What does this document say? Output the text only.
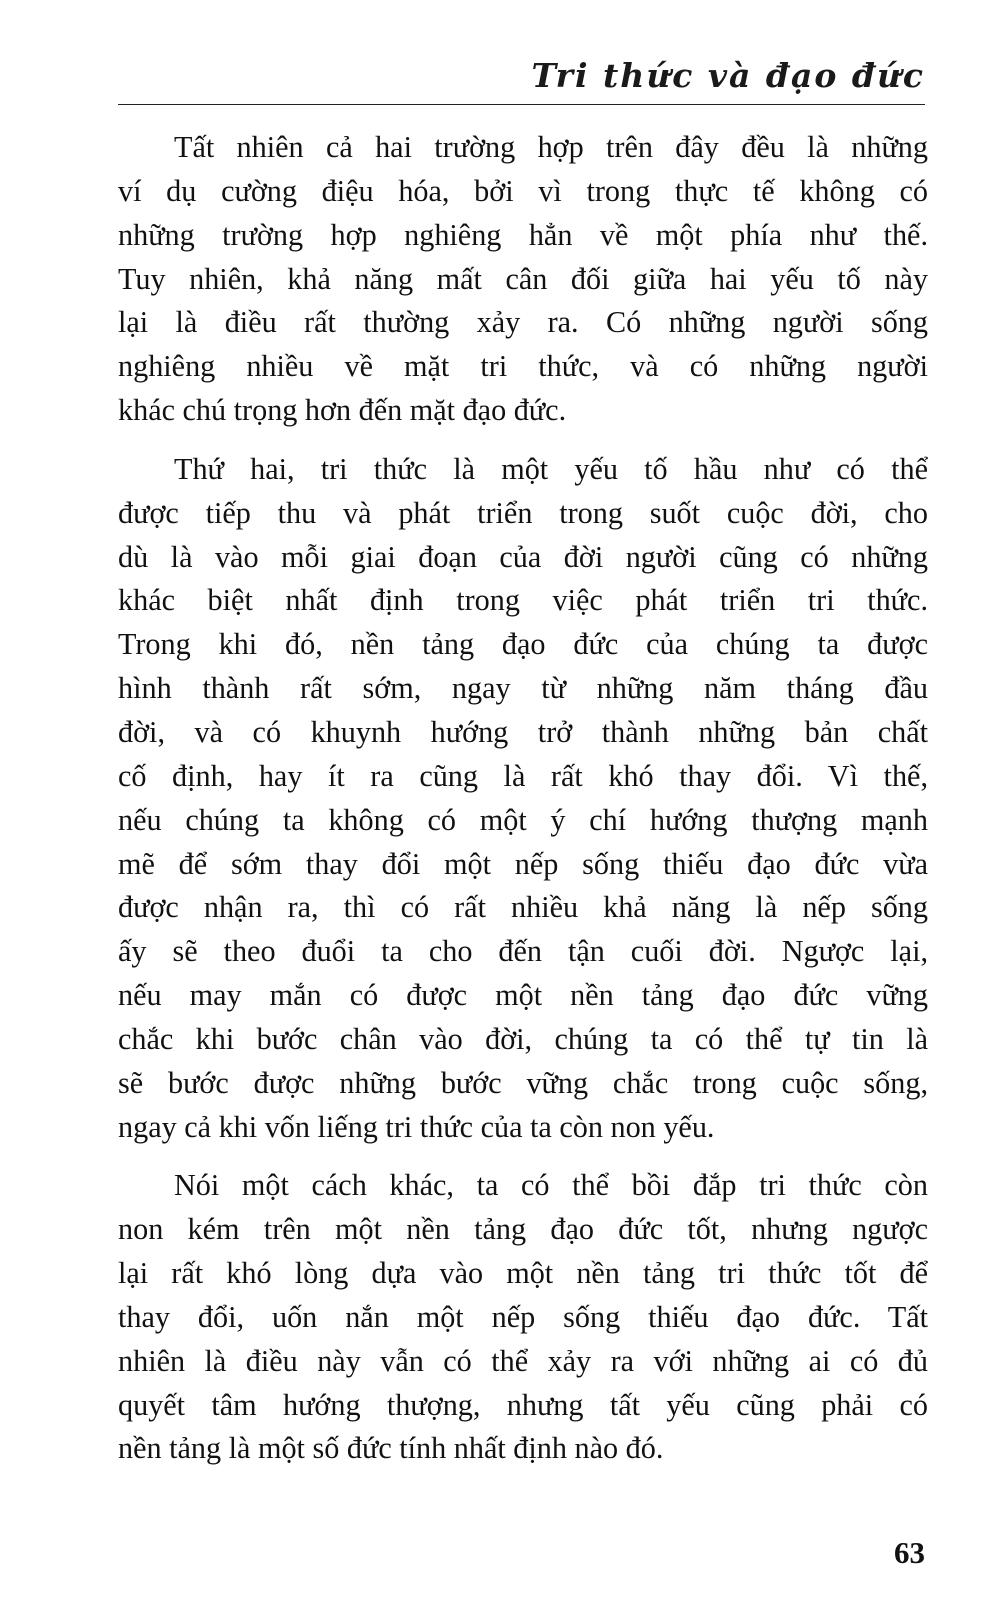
Tri thức và đạo đức

Tất nhiên cả hai trường hợp trên đây đều là những
ví dụ cường điệu hóa, bởi vì trong thực tế không có
những trường hợp nghiêng hẳn về một phía như thế.
Tuy nhiên, khả năng mất cân đối giữa hai yếu tố này
lại là điều rất thường xảy ra. Có những người sống
nghiêng nhiều về mặt tri thức, và có những người
khác chú trọng hơn đến mặt đạo đức.

Thứ hai, tri thức là một yếu tố hầu như có thể
được tiếp thu và phát triển trong suốt cuộc đời, cho
dù là vào mỗi giai đoạn của đời người cũng có những
khác biệt nhất định trong việc phát triển tri thức.
Trong khi đó, nền tảng đạo đức của chúng ta được
hình thành rất sớm, ngay từ những năm tháng đầu
đời, và có khuynh hướng trở thành những bản chất
cố định, hay ít ra cũng là rất khó thay đổi. Vì thế,
nếu chúng ta không có một ý chí hướng thượng mạnh
mẽ để sớm thay đổi một nếp sống thiếu đạo đức vừa
được nhận ra, thì có rất nhiều khả năng là nếp sống
ấy sẽ theo đuổi ta cho đến tận cuối đời. Ngược lại,
nếu may mắn có được một nền tảng đạo đức vững
chắc khi bước chân vào đời, chúng ta có thể tự tin là
sẽ bước được những bước vững chắc trong cuộc sống,
ngay cả khi vốn liếng tri thức của ta còn non yếu.

Nói một cách khác, ta có thể bồi đắp tri thức còn
non kém trên một nền tảng đạo đức tốt, nhưng ngược
lại rất khó lòng dựa vào một nền tảng tri thức tốt để
thay đổi, uốn nắn một nếp sống thiếu đạo đức. Tất
nhiên là điều này vẫn có thể xảy ra với những ai có đủ
quyết tâm hướng thượng, nhưng tất yếu cũng phải có
nền tảng là một số đức tính nhất định nào đó.

63
